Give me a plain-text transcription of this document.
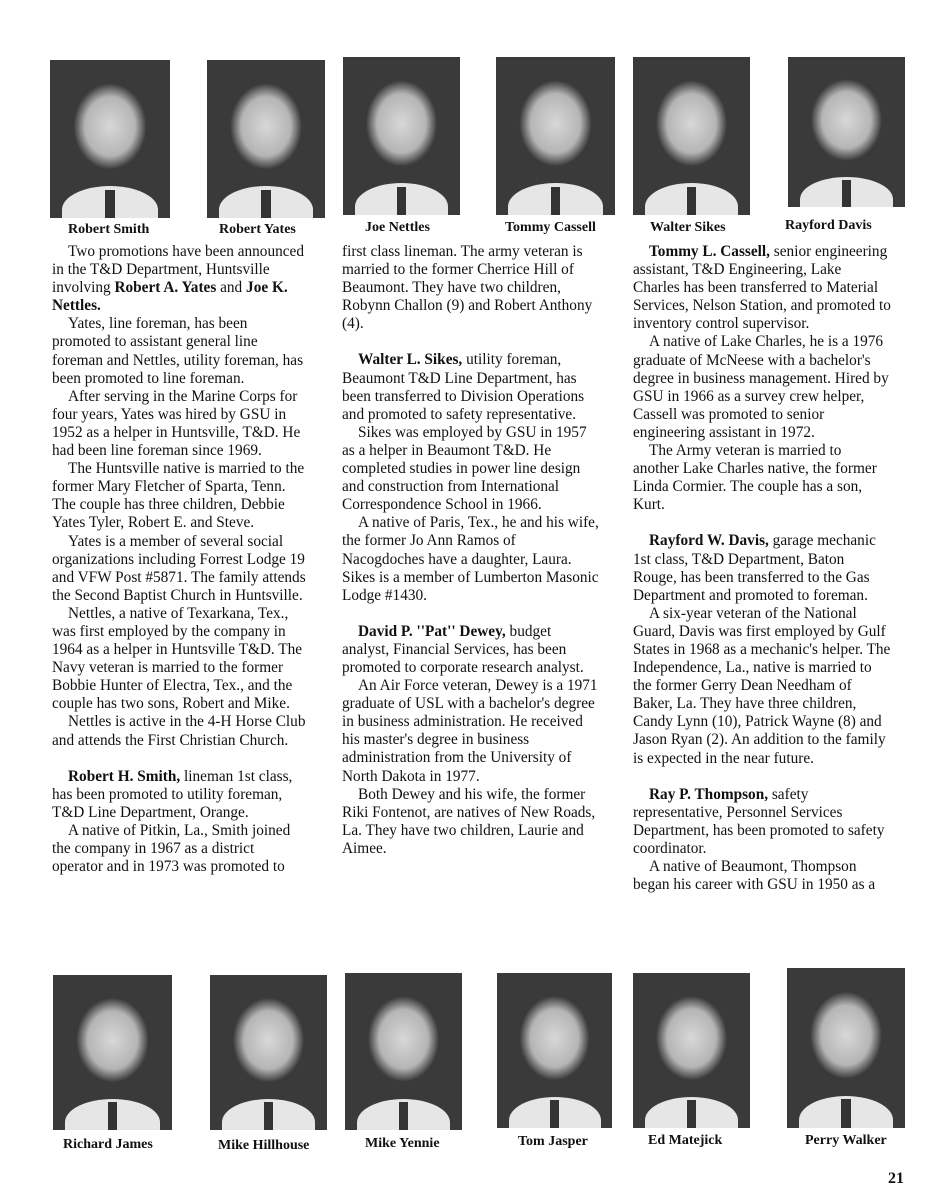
Robert Smith	Robert Yates	Joe Nettles	Tommy Cassell	Walter Sikes	Rayford Davis
Richard James	Mike Hillhouse	Mike Yennie	Tom Jasper	Ed Matejick	Perry Walker

Two promotions have been announced in the T&D Department, Huntsville involving Robert A. Yates and Joe K. Nettles.

Yates, line foreman, has been promoted to assistant general line foreman and Nettles, utility foreman, has been promoted to line foreman.

After serving in the Marine Corps for four years, Yates was hired by GSU in 1952 as a helper in Huntsville, T&D. He had been line foreman since 1969.

The Huntsville native is married to the former Mary Fletcher of Sparta, Tenn. The couple has three children, Debbie Yates Tyler, Robert E. and Steve.

Yates is a member of several social organizations including Forrest Lodge 19 and VFW Post #5871. The family attends the Second Baptist Church in Huntsville.

Nettles, a native of Texarkana, Tex., was first employed by the company in 1964 as a helper in Huntsville T&D. The Navy veteran is married to the former Bobbie Hunter of Electra, Tex., and the couple has two sons, Robert and Mike.

Nettles is active in the 4-H Horse Club and attends the First Christian Church.

Robert H. Smith, lineman 1st class, has been promoted to utility foreman, T&D Line Department, Orange.

A native of Pitkin, La., Smith joined the company in 1967 as a district operator and in 1973 was promoted to

first class lineman. The army veteran is married to the former Cherrice Hill of Beaumont. They have two children, Robynn Challon (9) and Robert Anthony (4).

Walter L. Sikes, utility foreman, Beaumont T&D Line Department, has been transferred to Division Operations and promoted to safety representative.

Sikes was employed by GSU in 1957 as a helper in Beaumont T&D. He completed studies in power line design and construction from International Correspondence School in 1966.

A native of Paris, Tex., he and his wife, the former Jo Ann Ramos of Nacogdoches have a daughter, Laura. Sikes is a member of Lumberton Masonic Lodge #1430.

David P. ''Pat'' Dewey, budget analyst, Financial Services, has been promoted to corporate research analyst.

An Air Force veteran, Dewey is a 1971 graduate of USL with a bachelor's degree in business administration. He received his master's degree in business administration from the University of North Dakota in 1977.

Both Dewey and his wife, the former Riki Fontenot, are natives of New Roads, La. They have two children, Laurie and Aimee.

Tommy L. Cassell, senior engineering assistant, T&D Engineering, Lake Charles has been transferred to Material Services, Nelson Station, and promoted to inventory control supervisor.

A native of Lake Charles, he is a 1976 graduate of McNeese with a bachelor's degree in business management. Hired by GSU in 1966 as a survey crew helper, Cassell was promoted to senior engineering assistant in 1972.

The Army veteran is married to another Lake Charles native, the former Linda Cormier. The couple has a son, Kurt.

Rayford W. Davis, garage mechanic 1st class, T&D Department, Baton Rouge, has been transferred to the Gas Department and promoted to foreman.

A six-year veteran of the National Guard, Davis was first employed by Gulf States in 1968 as a mechanic's helper. The Independence, La., native is married to the former Gerry Dean Needham of Baker, La. They have three children, Candy Lynn (10), Patrick Wayne (8) and Jason Ryan (2). An addition to the family is expected in the near future.

Ray P. Thompson, safety representative, Personnel Services Department, has been promoted to safety coordinator.

A native of Beaumont, Thompson began his career with GSU in 1950 as a

21
